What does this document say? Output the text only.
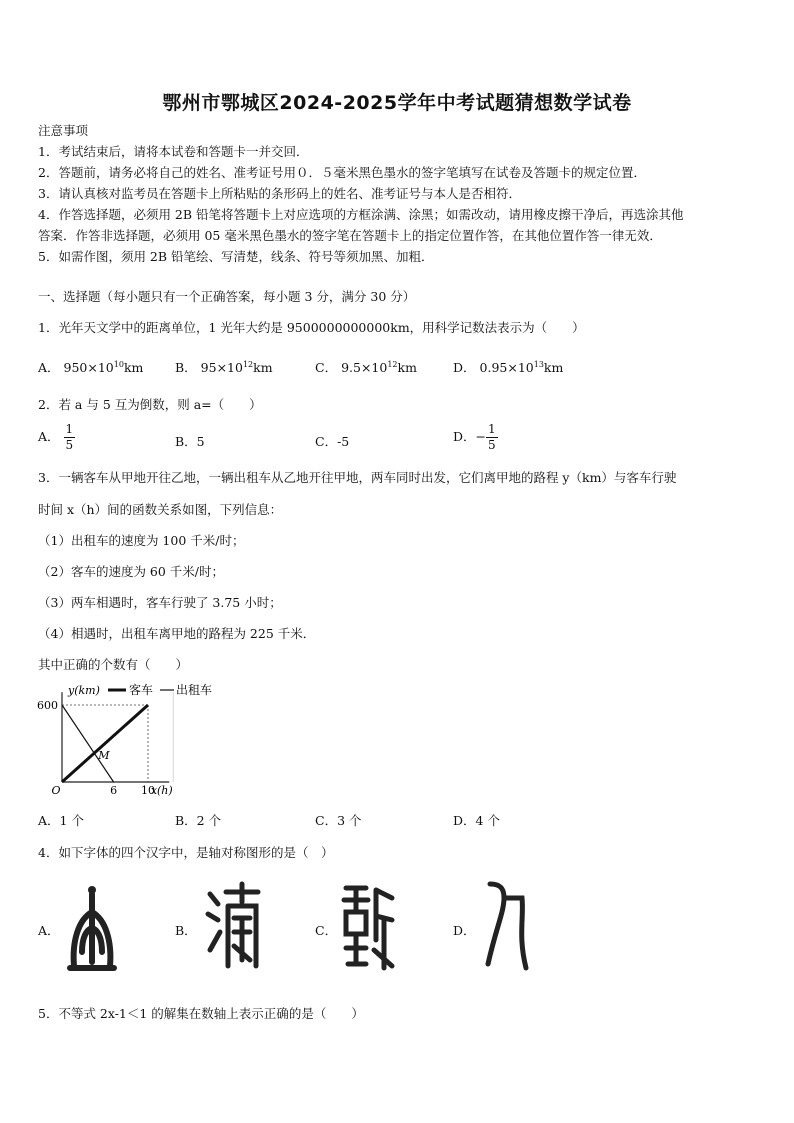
鄂州市鄂城区2024-2025学年中考试题猜想数学试卷
注意事项
1．考试结束后，请将本试卷和答题卡一并交回．
2．答题前，请务必将自己的姓名、准考证号用０．５毫米黑色墨水的签字笔填写在试卷及答题卡的规定位置．
3．请认真核对监考员在答题卡上所粘贴的条形码上的姓名、准考证号与本人是否相符．
4．作答选择题，必须用 2B 铅笔将答题卡上对应选项的方框涂满、涂黑；如需改动，请用橡皮擦干净后，再选涂其他
答案．作答非选择题，必须用 05 毫米黑色墨水的签字笔在答题卡上的指定位置作答，在其他位置作答一律无效．
5．如需作图，须用 2B 铅笔绘、写清楚，线条、符号等须加黑、加粗．
一、选择题（每小题只有一个正确答案，每小题 3 分，满分 30 分）
1．光年天文学中的距离单位，1 光年大约是 9500000000000km，用科学记数法表示为（　　）
A． $950\times 10^{10}km$	B． $95\times 10^{12}km$	C． $9.5\times 10^{12}km$	D． $0.95\times 10^{13}km$
2．若 a 与 5 互为倒数，则 a=（　　）
A． $\frac{1}{5}$	B．5	C．-5	D．− $\frac{1}{5}$
3．一辆客车从甲地开往乙地，一辆出租车从乙地开往甲地，两车同时出发，它们离甲地的路程 y（km）与客车行驶
时间 x（h）间的函数关系如图，下列信息：
（1）出租车的速度为 100 千米/时；
（2）客车的速度为 60 千米/时；
（3）两车相遇时，客车行驶了 3.75 小时；
（4）相遇时，出租车离甲地的路程为 225 千米．
其中正确的个数有（　　）
O
600
6 10
x(h)
y(km)
M
客车 出租车
A．1 个	B．2 个	C．3 个	D．4 个
4．如下字体的四个汉字中，是轴对称图形的是（　）
A．	B．	C．	D．
5．不等式 2x-1＜1 的解集在数轴上表示正确的是（　　）
